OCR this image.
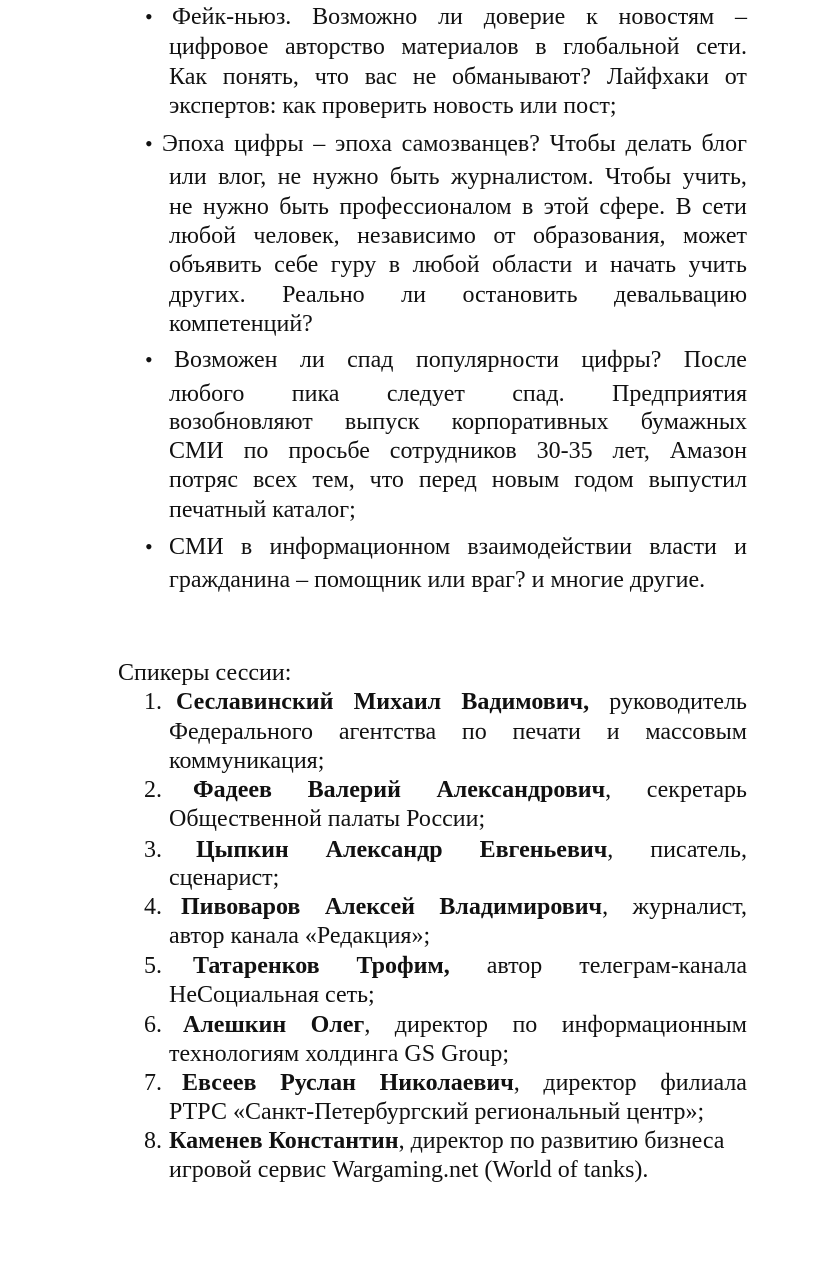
• Фейк-ньюз. Возможно ли доверие к новостям –
цифровое авторство материалов в глобальной сети.
Как понять, что вас не обманывают? Лайфхаки от
экспертов: как проверить новость или пост;
• Эпоха цифры – эпоха самозванцев? Чтобы делать блог
или влог, не нужно быть журналистом. Чтобы учить,
не нужно быть профессионалом в этой сфере. В сети
любой человек, независимо от образования, может
объявить себе гуру в любой области и начать учить
других. Реально ли остановить девальвацию
компетенций?
• Возможен ли спад популярности цифры? После
любого пика следует спад. Предприятия
возобновляют выпуск корпоративных бумажных
СМИ по просьбе сотрудников 30-35 лет, Амазон
потряс всех тем, что перед новым годом выпустил
печатный каталог;
• СМИ в информационном взаимодействии власти и
гражданина – помощник или враг? и многие другие.
Спикеры сессии:
1. Сеславинский Михаил Вадимович, руководитель
Федерального агентства по печати и массовым
коммуникация;
2. Фадеев Валерий Александрович, секретарь
Общественной палаты России;
3. Цыпкин Александр Евгеньевич, писатель,
сценарист;
4. Пивоваров Алексей Владимирович, журналист,
автор канала «Редакция»;
5. Татаренков Трофим, автор телеграм-канала
НеСоциальная сеть;
6. Алешкин Олег, директор по информационным
технологиям холдинга GS Group;
7. Евсеев Руслан Николаевич, директор филиала
РТРС «Санкт-Петербургский региональный центр»;
8. Каменев Константин, директор по развитию бизнеса
игровой сервис Wargaming.net (World of tanks).
